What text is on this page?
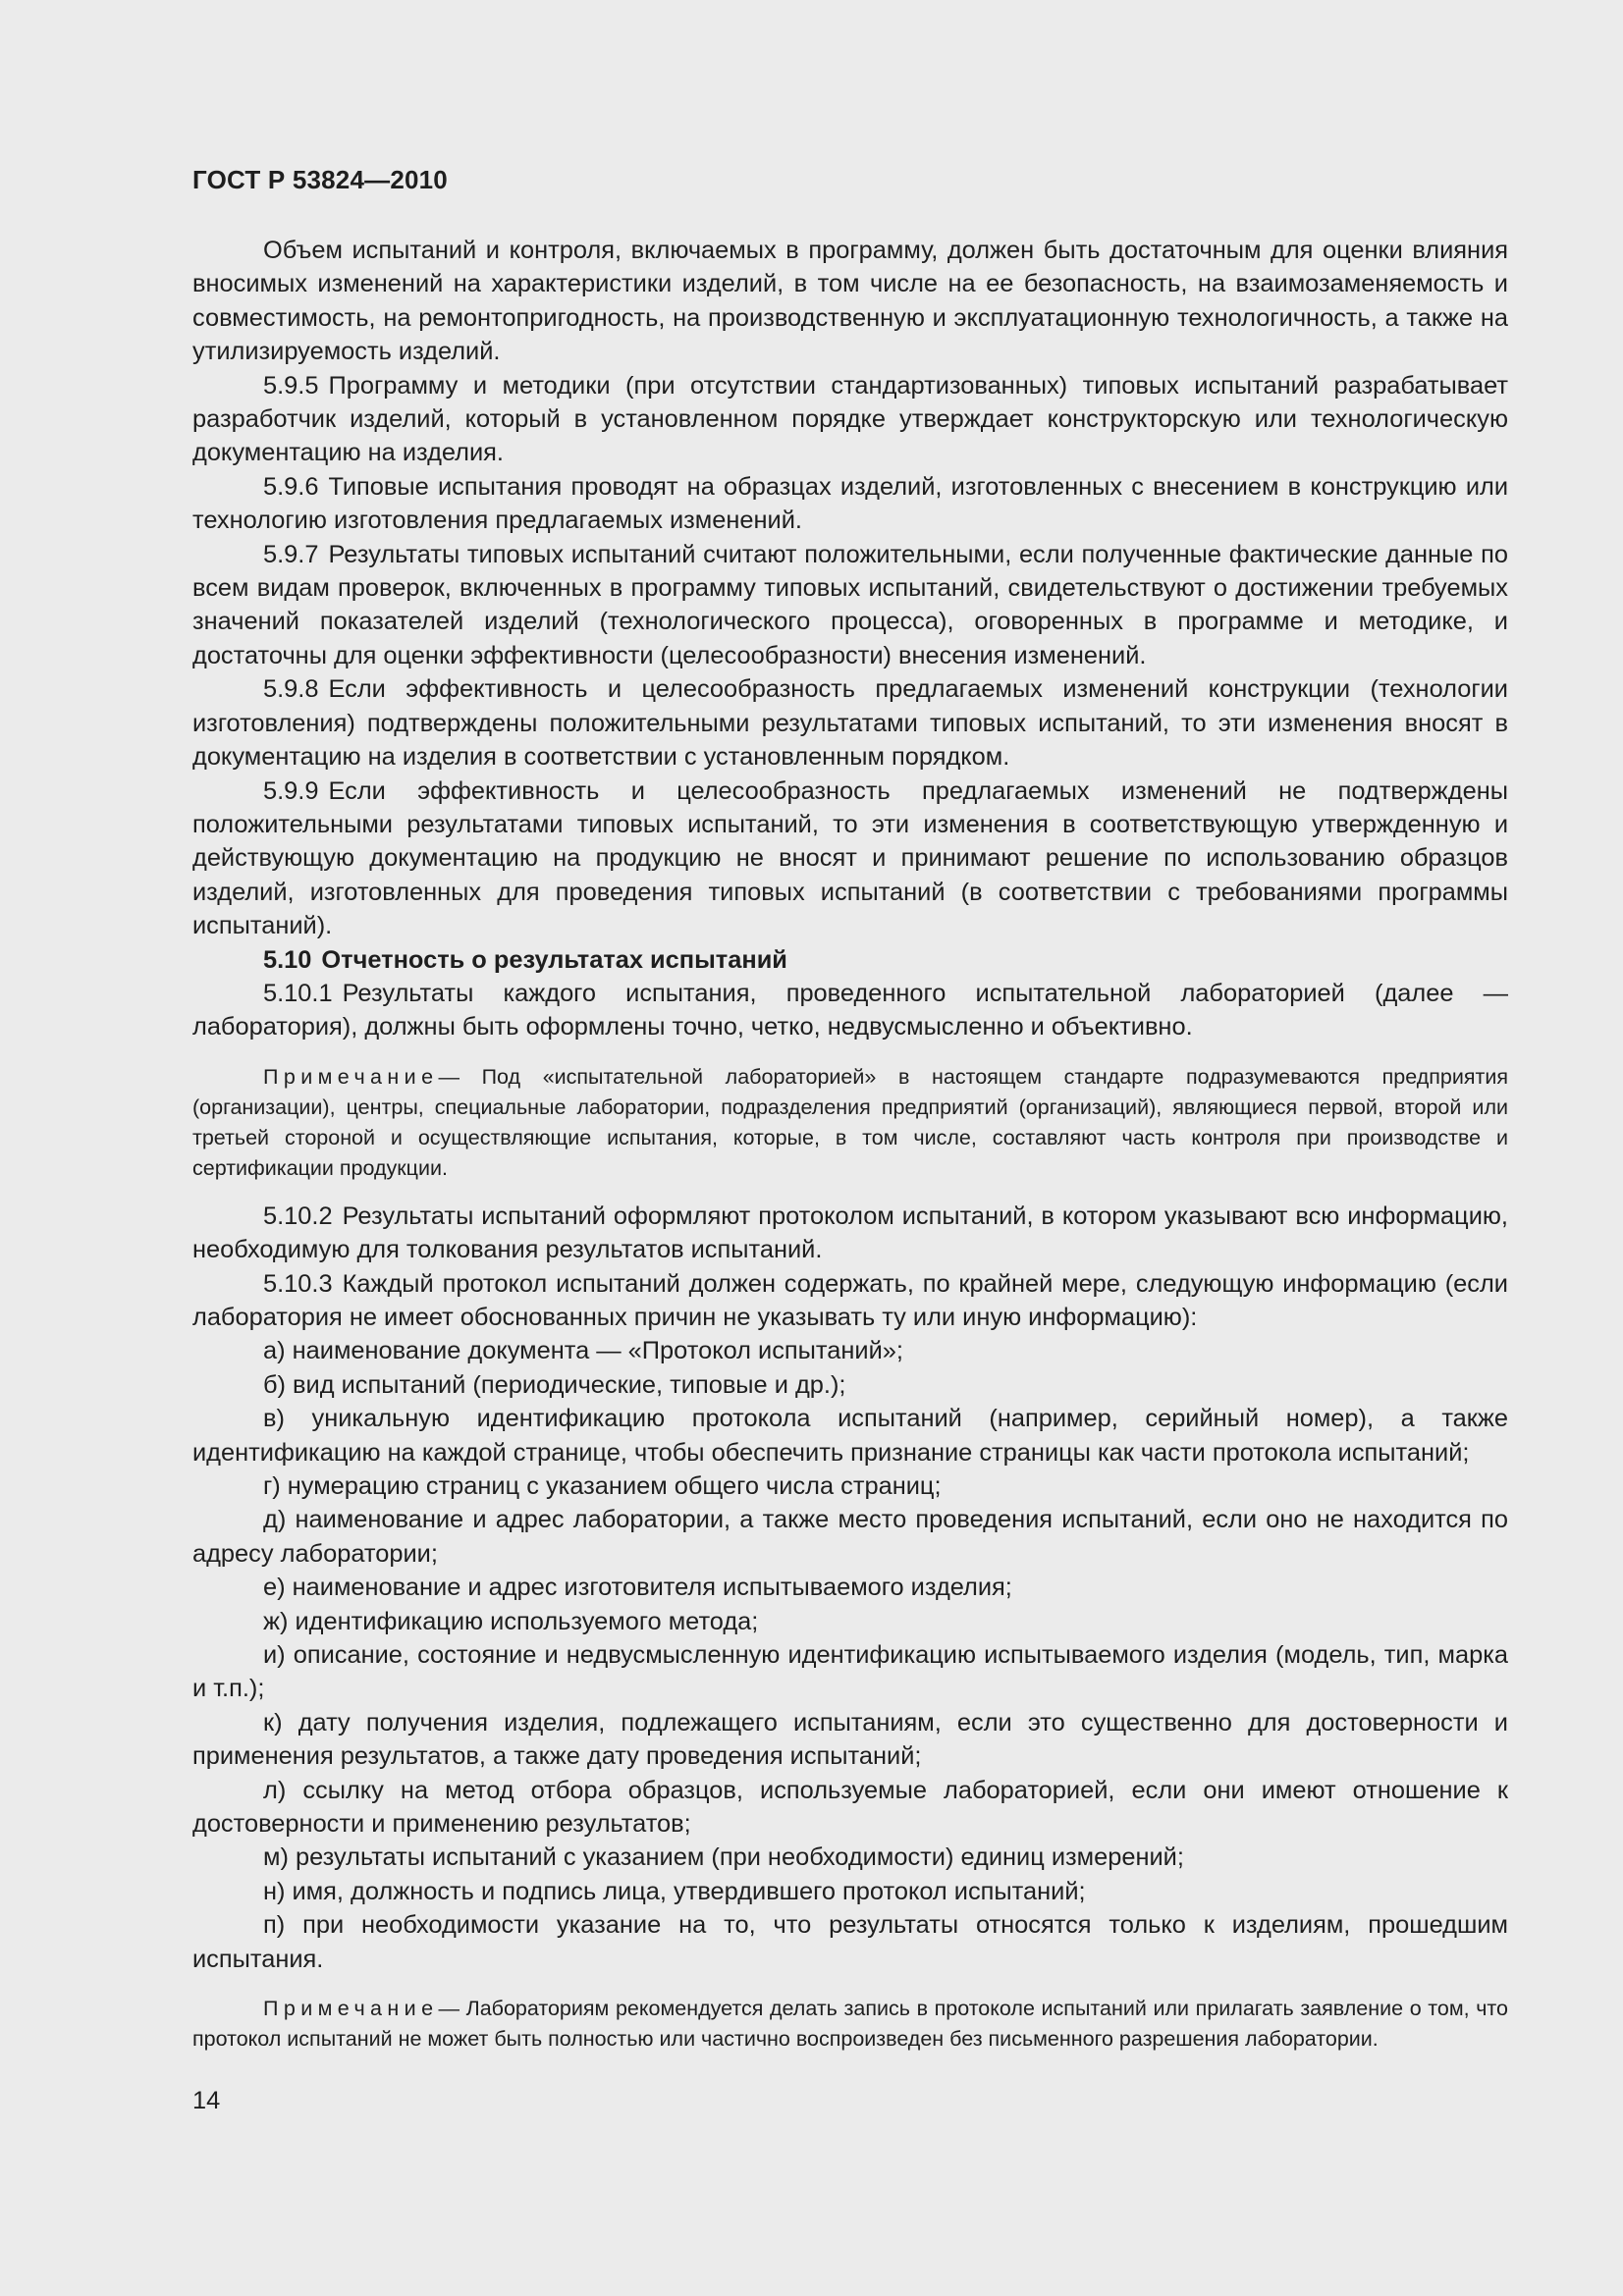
ГОСТ Р 53824—2010

Объем испытаний и контроля, включаемых в программу, должен быть достаточным для оценки влияния вносимых изменений на характеристики изделий, в том числе на ее безопасность, на взаимозаменяемость и совместимость, на ремонтопригодность, на производственную и эксплуатационную технологичность, а также на утилизируемость изделий.

5.9.5 Программу и методики (при отсутствии стандартизованных) типовых испытаний разрабатывает разработчик изделий, который в установленном порядке утверждает конструкторскую или технологическую документацию на изделия.

5.9.6 Типовые испытания проводят на образцах изделий, изготовленных с внесением в конструкцию или технологию изготовления предлагаемых изменений.

5.9.7 Результаты типовых испытаний считают положительными, если полученные фактические данные по всем видам проверок, включенных в программу типовых испытаний, свидетельствуют о достижении требуемых значений показателей изделий (технологического процесса), оговоренных в программе и методике, и достаточны для оценки эффективности (целесообразности) внесения изменений.

5.9.8 Если эффективность и целесообразность предлагаемых изменений конструкции (технологии изготовления) подтверждены положительными результатами типовых испытаний, то эти изменения вносят в документацию на изделия в соответствии с установленным порядком.

5.9.9 Если эффективность и целесообразность предлагаемых изменений не подтверждены положительными результатами типовых испытаний, то эти изменения в соответствующую утвержденную и действующую документацию на продукцию не вносят и принимают решение по использованию образцов изделий, изготовленных для проведения типовых испытаний (в соответствии с требованиями программы испытаний).

5.10 Отчетность о результатах испытаний

5.10.1 Результаты каждого испытания, проведенного испытательной лабораторией (далее — лаборатория), должны быть оформлены точно, четко, недвусмысленно и объективно.

Примечание— Под «испытательной лабораторией» в настоящем стандарте подразумеваются предприятия (организации), центры, специальные лаборатории, подразделения предприятий (организаций), являющиеся первой, второй или третьей стороной и осуществляющие испытания, которые, в том числе, составляют часть контроля при производстве и сертификации продукции.

5.10.2 Результаты испытаний оформляют протоколом испытаний, в котором указывают всю информацию, необходимую для толкования результатов испытаний.

5.10.3 Каждый протокол испытаний должен содержать, по крайней мере, следующую информацию (если лаборатория не имеет обоснованных причин не указывать ту или иную информацию):

а) наименование документа — «Протокол испытаний»;

б) вид испытаний (периодические, типовые и др.);

в) уникальную идентификацию протокола испытаний (например, серийный номер), а также идентификацию на каждой странице, чтобы обеспечить признание страницы как части протокола испытаний;

г) нумерацию страниц с указанием общего числа страниц;

д) наименование и адрес лаборатории, а также место проведения испытаний, если оно не находится по адресу лаборатории;

е) наименование и адрес изготовителя испытываемого изделия;

ж) идентификацию используемого метода;

и) описание, состояние и недвусмысленную идентификацию испытываемого изделия (модель, тип, марка и т.п.);

к) дату получения изделия, подлежащего испытаниям, если это существенно для достоверности и применения результатов, а также дату проведения испытаний;

л) ссылку на метод отбора образцов, используемые лабораторией, если они имеют отношение к достоверности и применению результатов;

м) результаты испытаний с указанием (при необходимости) единиц измерений;

н) имя, должность и подпись лица, утвердившего протокол испытаний;

п) при необходимости указание на то, что результаты относятся только к изделиям, прошедшим испытания.

Примечание— Лабораториям рекомендуется делать запись в протоколе испытаний или прилагать заявление о том, что протокол испытаний не может быть полностью или частично воспроизведен без письменного разрешения лаборатории.

14
